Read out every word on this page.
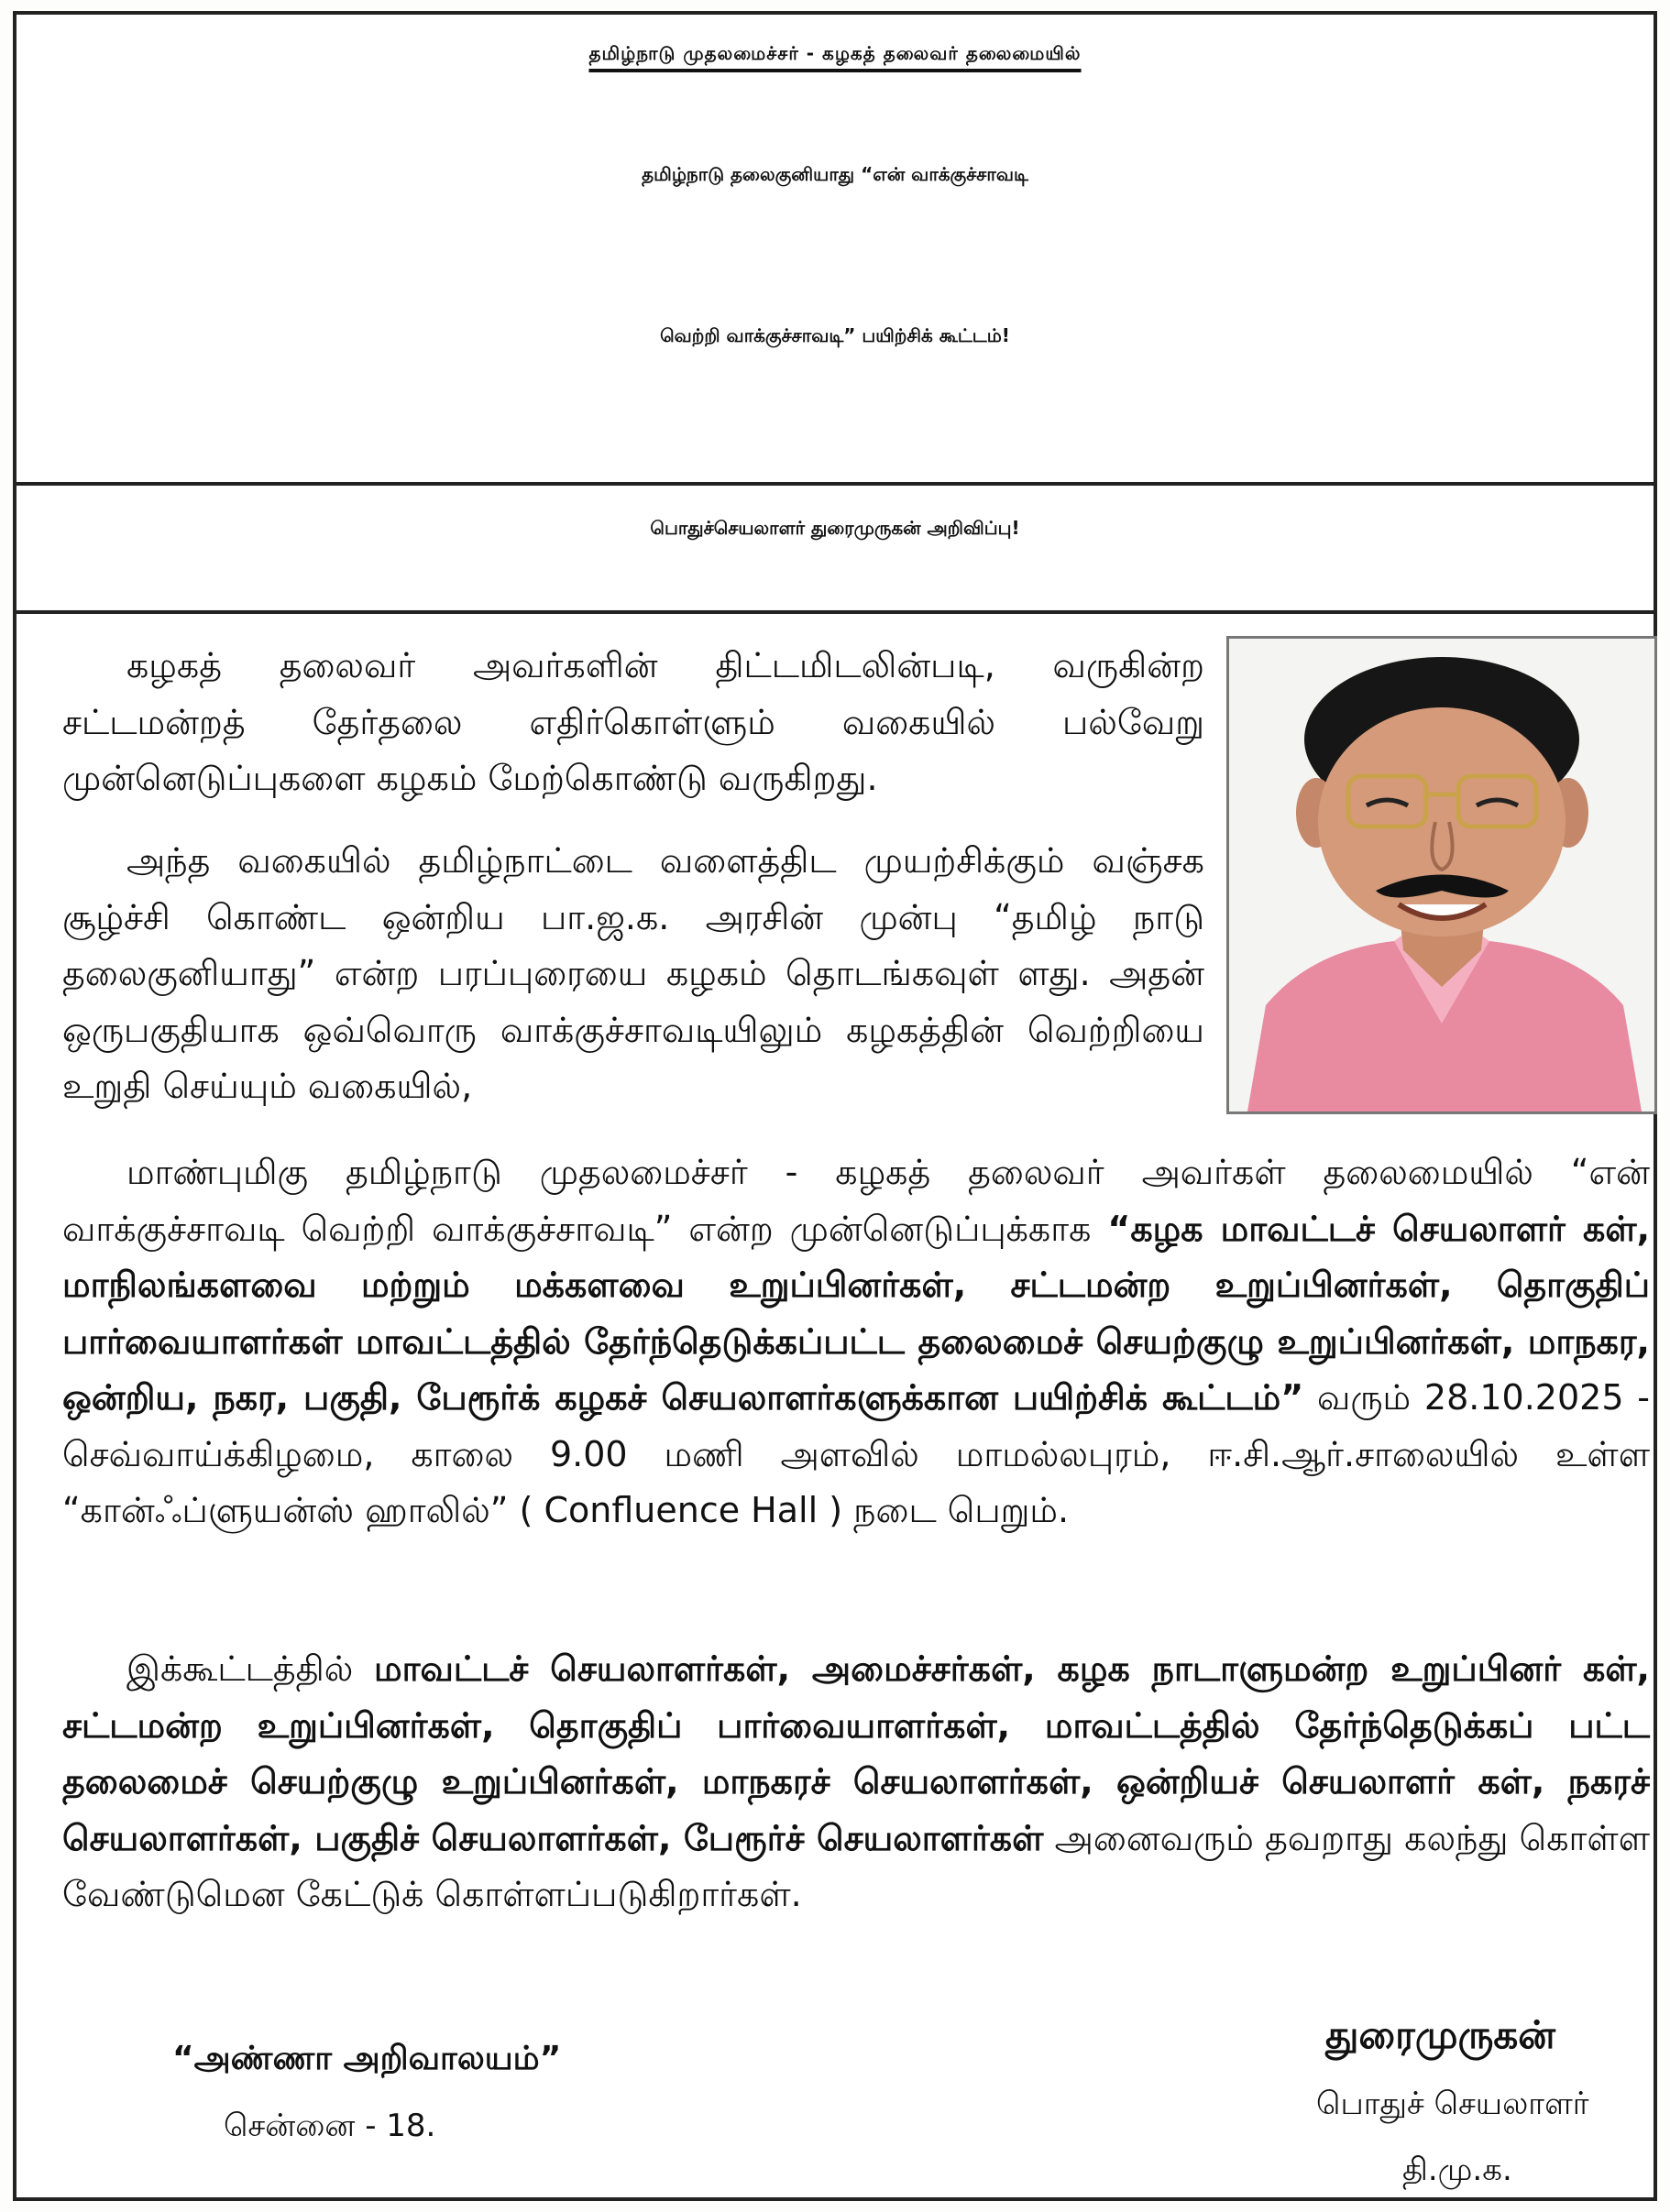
தமிழ்நாடு முதலமைச்சர் - கழகத் தலைவர் தலைமையில்
தமிழ்நாடு தலைகுனியாது “என் வாக்குச்சாவடி
வெற்றி வாக்குச்சாவடி” பயிற்சிக் கூட்டம்!
பொதுச்செயலாளர் துரைமுருகன் அறிவிப்பு!
கழகத் தலைவர் அவர்களின் திட்டமிடலின்படி, வருகின்ற சட்டமன்றத் தேர்தலை எதிர்கொள்ளும் வகையில் பல்வேறு முன்னெடுப்புகளை கழகம் மேற்கொண்டு வருகிறது.
அந்த வகையில் தமிழ்நாட்டை வளைத்திட முயற்சிக்கும் வஞ்சக சூழ்ச்சி கொண்ட ஒன்றிய பா.ஜ.க. அரசின் முன்பு “தமிழ் நாடு தலைகுனியாது” என்ற பரப்புரையை கழகம் தொடங்கவுள் ளது. அதன் ஒருபகுதியாக ஒவ்வொரு வாக்குச்சாவடியிலும் கழகத்தின் வெற்றியை உறுதி செய்யும் வகையில்,
மாண்புமிகு தமிழ்நாடு முதலமைச்சர் - கழகத் தலைவர் அவர்கள் தலைமையில் “என் வாக்குச்சாவடி வெற்றி வாக்குச்சாவடி” என்ற முன்னெடுப்புக்காக “கழக மாவட்டச் செயலாளர் கள், மாநிலங்களவை மற்றும் மக்களவை உறுப்பினர்கள், சட்டமன்ற உறுப்பினர்கள், தொகுதிப் பார்வையாளர்கள் மாவட்டத்தில் தேர்ந்தெடுக்கப்பட்ட தலைமைச் செயற்குழு உறுப்பினர்கள், மாநகர, ஒன்றிய, நகர, பகுதி, பேரூர்க் கழகச் செயலாளர்களுக்கான பயிற்சிக் கூட்டம்” வரும் 28.10.2025 - செவ்வாய்க்கிழமை, காலை 9.00 மணி அளவில் மாமல்லபுரம், ஈ.சி.ஆர்.சாலையில் உள்ள “கான்ஃப்ளுயன்ஸ் ஹாலில்” ( Confluence Hall ) நடை பெறும்.
இக்கூட்டத்தில் மாவட்டச் செயலாளர்கள், அமைச்சர்கள், கழக நாடாளுமன்ற உறுப்பினர் கள், சட்டமன்ற உறுப்பினர்கள், தொகுதிப் பார்வையாளர்கள், மாவட்டத்தில் தேர்ந்தெடுக்கப் பட்ட தலைமைச் செயற்குழு உறுப்பினர்கள், மாநகரச் செயலாளர்கள், ஒன்றியச் செயலாளர் கள், நகரச் செயலாளர்கள், பகுதிச் செயலாளர்கள், பேரூர்ச் செயலாளர்கள் அனைவரும் தவறாது கலந்து கொள்ள வேண்டுமென கேட்டுக் கொள்ளப்படுகிறார்கள்.
“அண்ணா அறிவாலயம்”
சென்னை - 18.
துரைமுருகன்
பொதுச் செயலாளர்
தி.மு.க.
